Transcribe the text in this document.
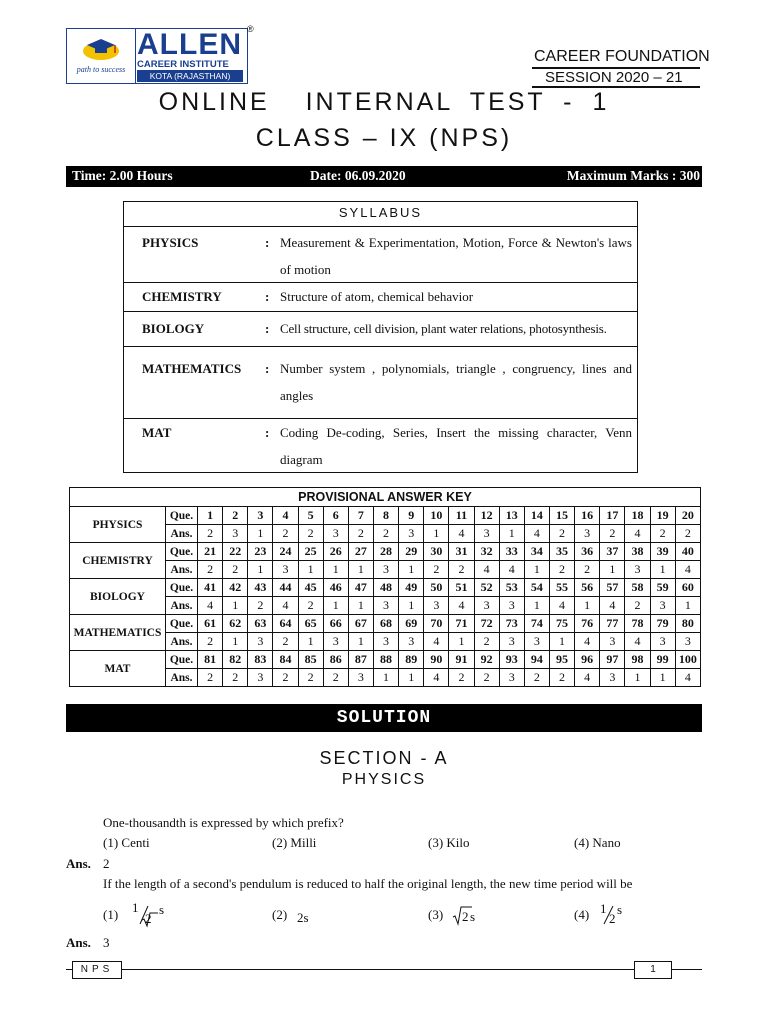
path to success
ALLEN
CAREER INSTITUTE
KOTA (RAJASTHAN)
®
CAREER FOUNDATION
SESSION 2020 – 21
ONLINE  INTERNAL TEST - 1
CLASS – IX (NPS)
Time: 2.00 Hours	Date: 06.09.2020	Maximum Marks : 300
SYLLABUS
PHYSICS	: Measurement & Experimentation, Motion, Force & Newton's laws of motion
CHEMISTRY	: Structure of atom, chemical behavior
BIOLOGY	: Cell structure, cell division, plant water relations, photosynthesis.
MATHEMATICS : Number system , polynomials, triangle , congruency, lines and angles
MAT	: Coding De-coding, Series, Insert the missing character, Venn diagram
PROVISIONAL ANSWER KEY																					
PHYSICS	Que.	1	2	3	4	5	6	7	8	9	10	11	12	13	14	15	16	17	18	19	20
	Ans.	2	3	1	2	2	3	2	2	3	1	4	3	1	4	2	3	2	4	2	2
CHEMISTRY	Que.	21	22	23	24	25	26	27	28	29	30	31	32	33	34	35	36	37	38	39	40
	Ans.	2	2	1	3	1	1	1	3	1	2	2	4	4	1	2	2	1	3	1	4
BIOLOGY	Que.	41	42	43	44	45	46	47	48	49	50	51	52	53	54	55	56	57	58	59	60
	Ans.	4	1	2	4	2	1	1	3	1	3	4	3	3	1	4	1	4	2	3	1
MATHEMATICS	Que.	61	62	63	64	65	66	67	68	69	70	71	72	73	74	75	76	77	78	79	80
	Ans.	2	1	3	2	1	3	1	3	3	4	1	2	3	3	1	4	3	4	3	3
MAT	Que.	81	82	83	84	85	86	87	88	89	90	91	92	93	94	95	96	97	98	99	100
	Ans.	2	2	3	2	2	2	3	1	1	4	2	2	3	2	2	4	3	1	1	4
SOLUTION
SECTION - A
PHYSICS
One-thousandth is expressed by which prefix?
(1) Centi	(2) Milli	(3) Kilo	(4) Nano
Ans. 2
If the length of a second's pendulum is reduced to half the original length, the new time period will be
(1) 1
2
s	(2) 2s	(3) 2 s	(4) 1
2
s
Ans. 3
NPS	1
